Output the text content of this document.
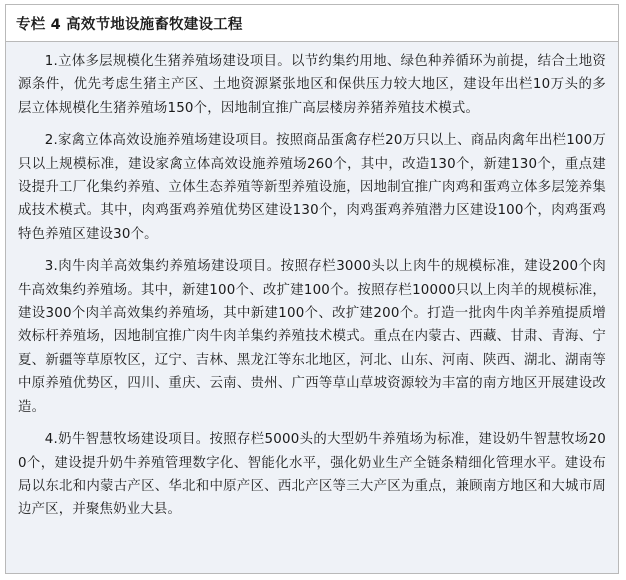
专栏 4 高效节地设施畜牧建设工程

1.立体多层规模化生猪养殖场建设项目。以节约集约用地、绿色种养循环为前提，结合土地资源条件，优先考虑生猪主产区、土地资源紧张地区和保供压力较大地区，建设年出栏10万头的多层立体规模化生猪养殖场150个，因地制宜推广高层楼房养猪养殖技术模式。

2.家禽立体高效设施养殖场建设项目。按照商品蛋禽存栏20万只以上、商品肉禽年出栏100万只以上规模标准，建设家禽立体高效设施养殖场260个，其中，改造130个，新建130个，重点建设提升工厂化集约养殖、立体生态养殖等新型养殖设施，因地制宜推广肉鸡和蛋鸡立体多层笼养集成技术模式。其中，肉鸡蛋鸡养殖优势区建设130个，肉鸡蛋鸡养殖潜力区建设100个，肉鸡蛋鸡特色养殖区建设30个。

3.肉牛肉羊高效集约养殖场建设项目。按照存栏3000头以上肉牛的规模标准，建设200个肉牛高效集约养殖场。其中，新建100个、改扩建100个。按照存栏10000只以上肉羊的规模标准，建设300个肉羊高效集约养殖场，其中新建100个、改扩建200个。打造一批肉牛肉羊养殖提质增效标杆养殖场，因地制宜推广肉牛肉羊集约养殖技术模式。重点在内蒙古、西藏、甘肃、青海、宁夏、新疆等草原牧区，辽宁、吉林、黑龙江等东北地区，河北、山东、河南、陕西、湖北、湖南等中原养殖优势区，四川、重庆、云南、贵州、广西等草山草坡资源较为丰富的南方地区开展建设改造。

4.奶牛智慧牧场建设项目。按照存栏5000头的大型奶牛养殖场为标准，建设奶牛智慧牧场200个，建设提升奶牛养殖管理数字化、智能化水平，强化奶业生产全链条精细化管理水平。建设布局以东北和内蒙古产区、华北和中原产区、西北产区等三大产区为重点，兼顾南方地区和大城市周边产区，并聚焦奶业大县。
